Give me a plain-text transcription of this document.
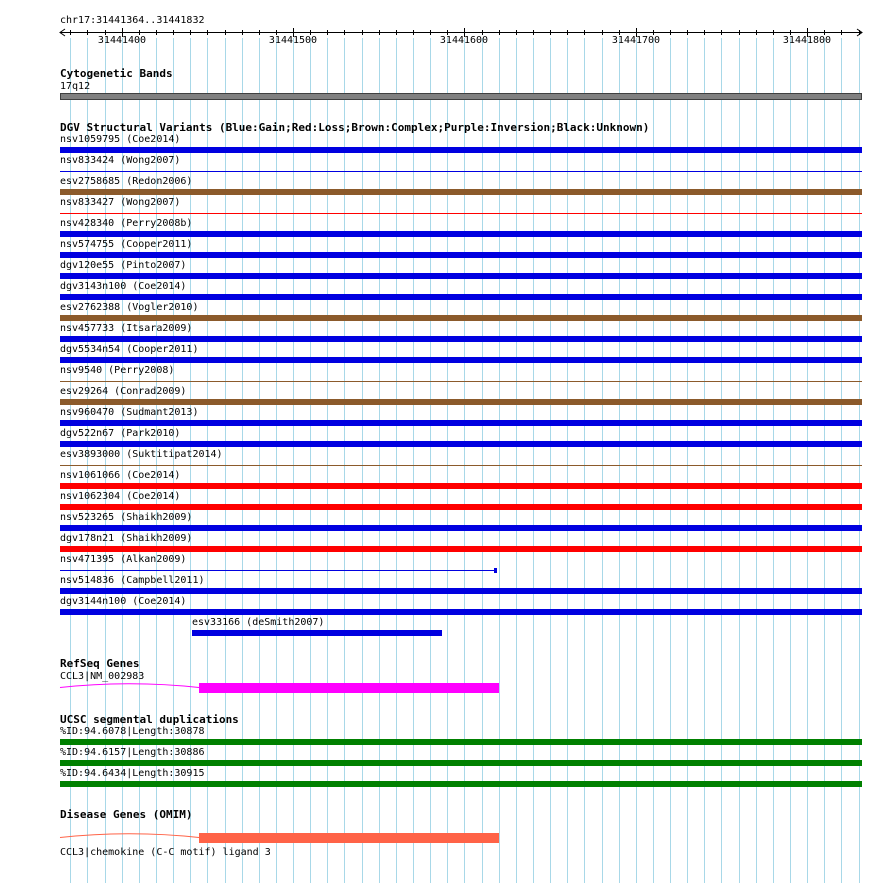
chr17:31441364..31441832
31441400	31441500	31441600	31441700	31441800
Cytogenetic Bands
17q12
DGV Structural Variants (Blue:Gain;Red:Loss;Brown:Complex;Purple:Inversion;Black:Unknown)
nsv1059795 (Coe2014)
nsv833424 (Wong2007)
esv2758685 (Redon2006)
nsv833427 (Wong2007)
nsv428340 (Perry2008b)
nsv574755 (Cooper2011)
dgv120e55 (Pinto2007)
dgv3143n100 (Coe2014)
esv2762388 (Vogler2010)
nsv457733 (Itsara2009)
dgv5534n54 (Cooper2011)
nsv9540 (Perry2008)
esv29264 (Conrad2009)
nsv960470 (Sudmant2013)
dgv522n67 (Park2010)
esv3893000 (Suktitipat2014)
nsv1061066 (Coe2014)
nsv1062304 (Coe2014)
nsv523265 (Shaikh2009)
dgv178n21 (Shaikh2009)
nsv471395 (Alkan2009)
nsv514836 (Campbell2011)
dgv3144n100 (Coe2014)
esv33166 (deSmith2007)
RefSeq Genes
CCL3|NM_002983
UCSC segmental duplications
%ID:94.6078|Length:30878
%ID:94.6157|Length:30886
%ID:94.6434|Length:30915
Disease Genes (OMIM)
CCL3|chemokine (C-C motif) ligand 3
